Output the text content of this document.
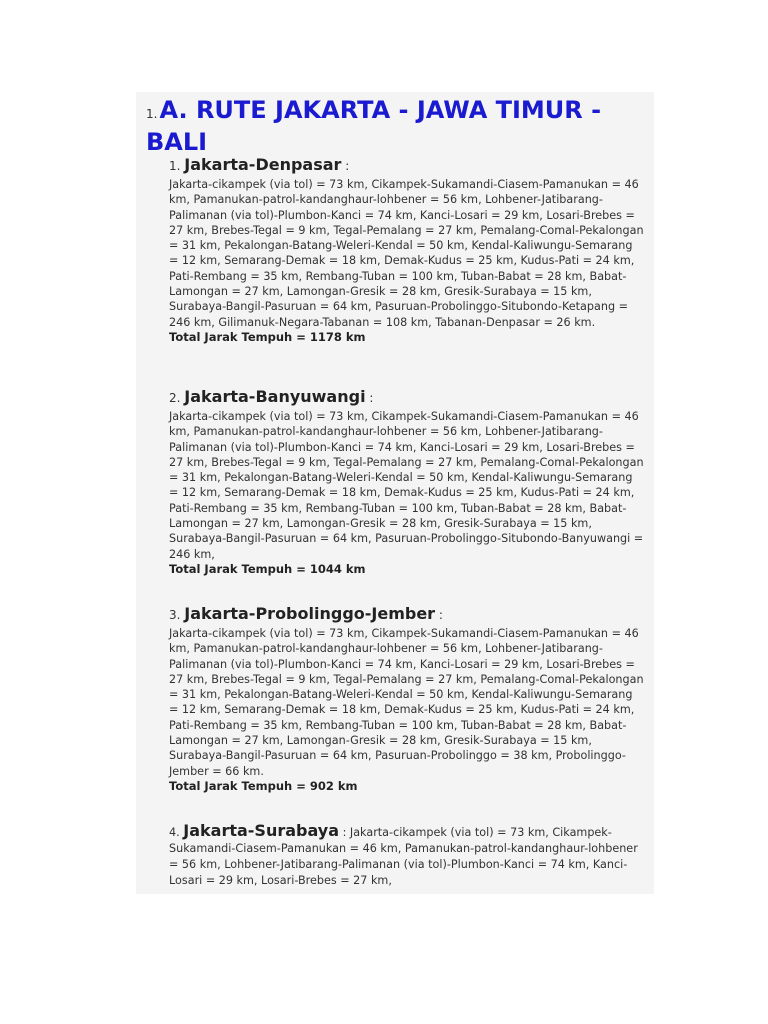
1.A. RUTE JAKARTA - JAWA TIMUR - BALI
1. Jakarta-Denpasar :

Jakarta-cikampek (via tol) = 73 km, Cikampek-Sukamandi-Ciasem-Pamanukan = 46 km, Pamanukan-patrol-kandanghaur-lohbener = 56 km, Lohbener-Jatibarang-Palimanan (via tol)-Plumbon-Kanci = 74 km, Kanci-Losari = 29 km, Losari-Brebes = 27 km, Brebes-Tegal = 9 km, Tegal-Pemalang = 27 km, Pemalang-Comal-Pekalongan = 31 km, Pekalongan-Batang-Weleri-Kendal = 50 km, Kendal-Kaliwungu-Semarang = 12 km, Semarang-Demak = 18 km, Demak-Kudus = 25 km, Kudus-Pati = 24 km, Pati-Rembang = 35 km, Rembang-Tuban = 100 km, Tuban-Babat = 28 km, Babat-Lamongan = 27 km, Lamongan-Gresik = 28 km, Gresik-Surabaya = 15 km, Surabaya-Bangil-Pasuruan = 64 km, Pasuruan-Probolinggo-Situbondo-Ketapang = 246 km, Gilimanuk-Negara-Tabanan = 108 km, Tabanan-Denpasar = 26 km.

Total Jarak Tempuh = 1178 km
2. Jakarta-Banyuwangi :

Jakarta-cikampek (via tol) = 73 km, Cikampek-Sukamandi-Ciasem-Pamanukan = 46 km, Pamanukan-patrol-kandanghaur-lohbener = 56 km, Lohbener-Jatibarang-Palimanan (via tol)-Plumbon-Kanci = 74 km, Kanci-Losari = 29 km, Losari-Brebes = 27 km, Brebes-Tegal = 9 km, Tegal-Pemalang = 27 km, Pemalang-Comal-Pekalongan = 31 km, Pekalongan-Batang-Weleri-Kendal = 50 km, Kendal-Kaliwungu-Semarang = 12 km, Semarang-Demak = 18 km, Demak-Kudus = 25 km, Kudus-Pati = 24 km, Pati-Rembang = 35 km, Rembang-Tuban = 100 km, Tuban-Babat = 28 km, Babat-Lamongan = 27 km, Lamongan-Gresik = 28 km, Gresik-Surabaya = 15 km, Surabaya-Bangil-Pasuruan = 64 km, Pasuruan-Probolinggo-Situbondo-Banyuwangi = 246 km,

Total Jarak Tempuh = 1044 km
3. Jakarta-Probolinggo-Jember :

Jakarta-cikampek (via tol) = 73 km, Cikampek-Sukamandi-Ciasem-Pamanukan = 46 km, Pamanukan-patrol-kandanghaur-lohbener = 56 km, Lohbener-Jatibarang-Palimanan (via tol)-Plumbon-Kanci = 74 km, Kanci-Losari = 29 km, Losari-Brebes = 27 km, Brebes-Tegal = 9 km, Tegal-Pemalang = 27 km, Pemalang-Comal-Pekalongan = 31 km, Pekalongan-Batang-Weleri-Kendal = 50 km, Kendal-Kaliwungu-Semarang = 12 km, Semarang-Demak = 18 km, Demak-Kudus = 25 km, Kudus-Pati = 24 km, Pati-Rembang = 35 km, Rembang-Tuban = 100 km, Tuban-Babat = 28 km, Babat-Lamongan = 27 km, Lamongan-Gresik = 28 km, Gresik-Surabaya = 15 km, Surabaya-Bangil-Pasuruan = 64 km, Pasuruan-Probolinggo = 38 km, Probolinggo-Jember = 66 km.

Total Jarak Tempuh = 902 km

4. Jakarta-Surabaya : Jakarta-cikampek (via tol) = 73 km, Cikampek-Sukamandi-Ciasem-Pamanukan = 46 km, Pamanukan-patrol-kandanghaur-lohbener = 56 km, Lohbener-Jatibarang-Palimanan (via tol)-Plumbon-Kanci = 74 km, Kanci-Losari = 29 km, Losari-Brebes = 27 km,
